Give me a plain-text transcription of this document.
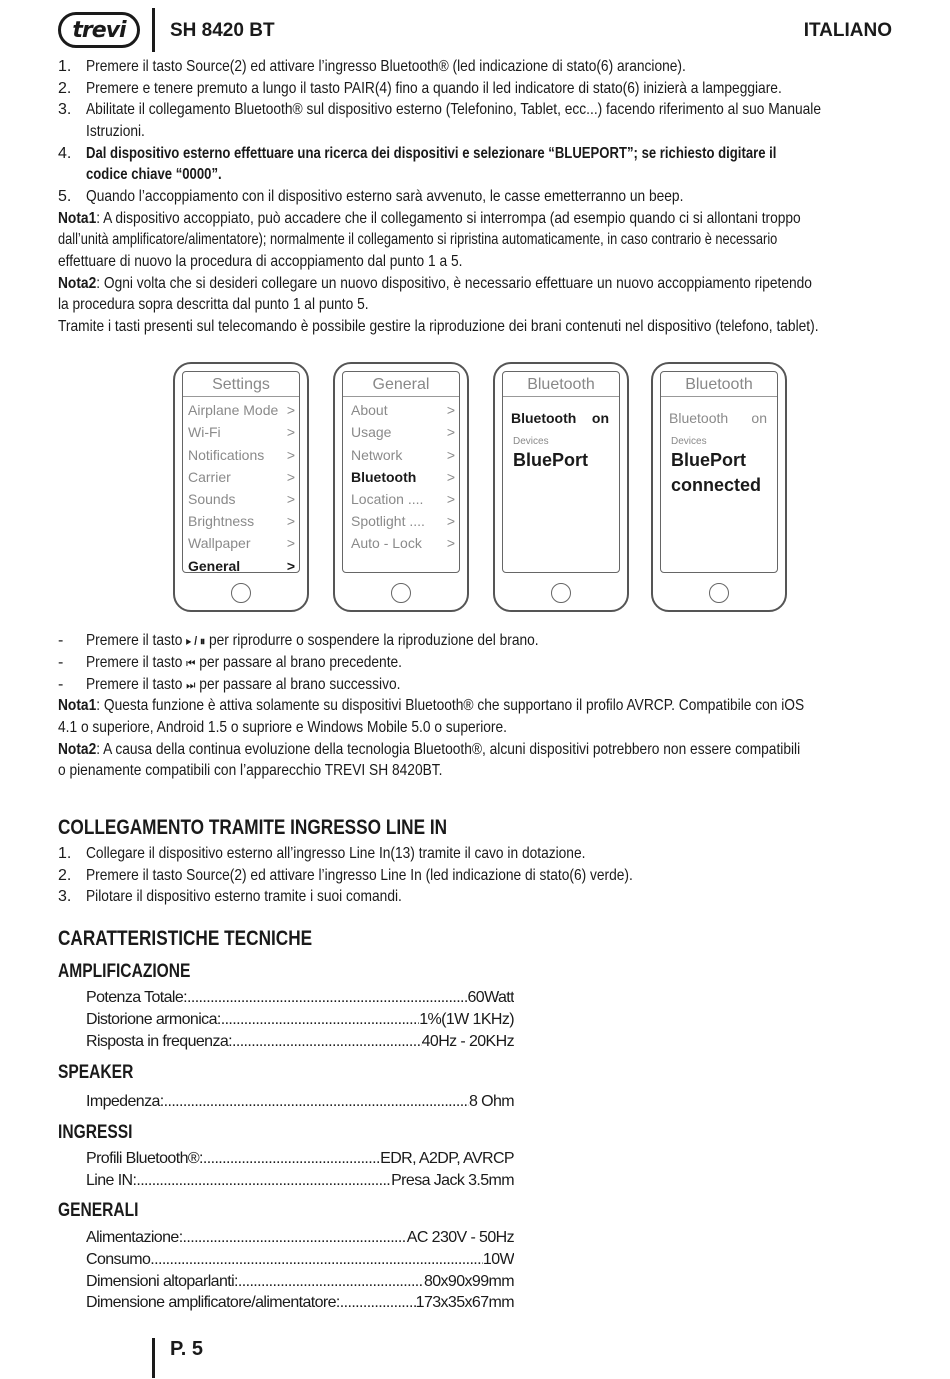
trevi SH 8420 BT	ITALIANO
1. Premere il tasto Source(2) ed attivare l’ingresso Bluetooth® (led indicazione di stato(6) arancione).
2. Premere e tenere premuto a lungo il tasto PAIR(4) fino a quando il led indicatore di stato(6) inizierà a lampeggiare.
3. Abilitate il collegamento Bluetooth® sul dispositivo esterno (Telefonino, Tablet, ecc...) facendo riferimento al suo Manuale
Istruzioni.
4. Dal dispositivo esterno effettuare una ricerca dei dispositivi e selezionare “BLUEPORT”; se richiesto digitare il
codice chiave “0000”.
5. Quando l’accoppiamento con il dispositivo esterno sarà avvenuto, le casse emetterranno un beep.
Nota1: A dispositivo accoppiato, può accadere che il collegamento si interrompa (ad esempio quando ci si allontani troppo
dall’unità amplificatore/alimentatore); normalmente il collegamento si ripristina automaticamente, in caso contrario è necessario
effettuare di nuovo la procedura di accoppiamento dal punto 1 a 5.
Nota2: Ogni volta che si desideri collegare un nuovo dispositivo, è necessario effettuare un nuovo accoppiamento ripetendo
la procedura sopra descritta dal punto 1 al punto 5.
Tramite i tasti presenti sul telecomando è possibile gestire la riproduzione dei brani contenuti nel dispositivo (telefono, tablet).
Settings
Airplane Mode >
Wi-Fi	>
Notifications >
Carrier	>
Sounds	>
Brightness >
Wallpaper	>
General	>
General
About	>
Usage	>
Network	>
Bluetooth >
Location .... >
Spotlight .... >
Auto - Lock >
Bluetooth
Bluetooth on
Devices
BluePort
Bluetooth
Bluetooth on
Devices
BluePort
connected
- Premere il tasto ▸ / ⏸ per riprodurre o sospendere la riproduzione del brano.
- Premere il tasto ⏮ per passare al brano precedente.
- Premere il tasto ⏭ per passare al brano successivo.
Nota1: Questa funzione è attiva solamente su dispositivi Bluetooth® che supportano il profilo AVRCP. Compatibile con iOS
4.1 o superiore, Android 1.5 o supriore e Windows Mobile 5.0 o superiore.
Nota2: A causa della continua evoluzione della tecnologia Bluetooth®, alcuni dispositivi potrebbero non essere compatibili
o pienamente compatibili con l’apparecchio TREVI SH 8420BT.
COLLEGAMENTO TRAMITE INGRESSO LINE IN
1. Collegare il dispositivo esterno all’ingresso Line In(13) tramite il cavo in dotazione.
2. Premere il tasto Source(2) ed attivare l’ingresso Line In (led indicazione di stato(6) verde).
3. Pilotare il dispositivo esterno tramite i suoi comandi.
CARATTERISTICHE TECNICHE
AMPLIFICAZIONE
Potenza Totale: .....	60Watt
Distorione armonica: .....	1%(1W 1KHz)
Risposta in frequenza: .....	40Hz - 20KHz
SPEAKER
Impedenza: .....	8 Ohm
INGRESSI
Profili Bluetooth®: .....	EDR, A2DP, AVRCP
Line IN: .....	Presa Jack 3.5mm
GENERALI
Alimentazione: .....	AC 230V - 50Hz
Consumo .....	10W
Dimensioni altoparlanti: .....	80x90x99mm
Dimensione amplificatore/alimentatore: .....	173x35x67mm
P. 5
